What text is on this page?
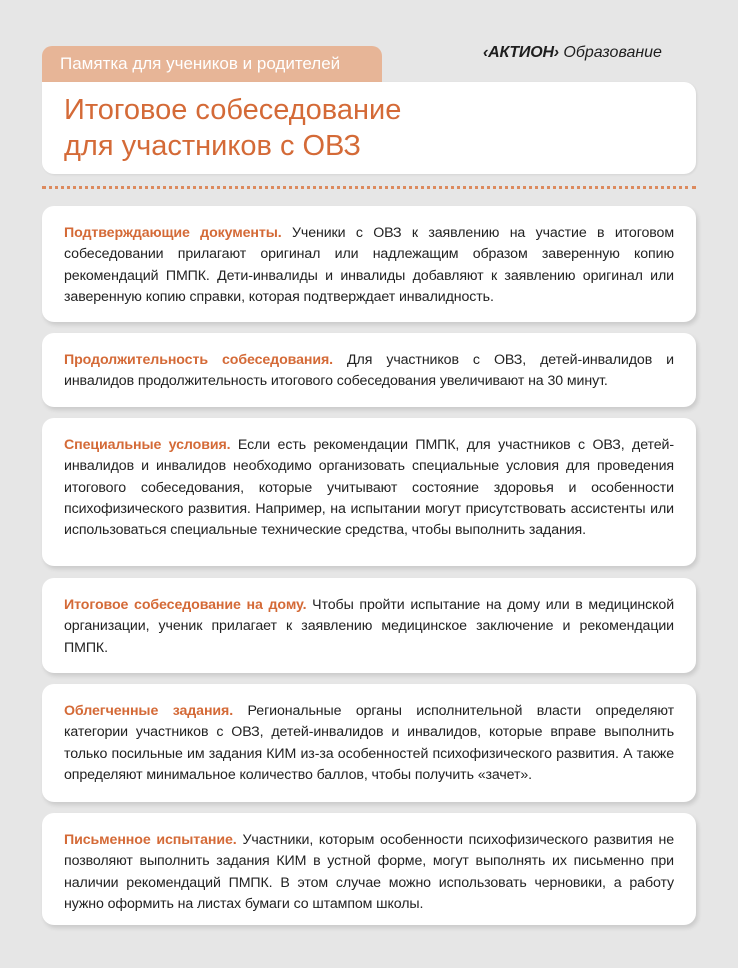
Памятка для учеников и родителей
‹АКТИОН› Образование
Итоговое собеседование
для участников с ОВЗ

Подтверждающие документы. Ученики с ОВЗ к заявлению на участие в итоговом собеседовании прилагают оригинал или надлежащим образом заверенную копию рекомендаций ПМПК. Дети-инвалиды и инвалиды добавляют к заявлению оригинал или заверенную копию справки, которая подтверждает инвалидность.

Продолжительность собеседования. Для участников с ОВЗ, детей-инвалидов и инвалидов продолжительность итогового собеседования увеличивают на 30 минут.

Специальные условия. Если есть рекомендации ПМПК, для участников с ОВЗ, детей-инвалидов и инвалидов необходимо организовать специальные условия для проведения итогового собеседования, которые учитывают состояние здоровья и особенности психофизического развития. Например, на испытании могут присутствовать ассистенты или использоваться специальные технические средства, чтобы выполнить задания.

Итоговое собеседование на дому. Чтобы пройти испытание на дому или в медицинской организации, ученик прилагает к заявлению медицинское заключение и рекомендации ПМПК.

Облегченные задания. Региональные органы исполнительной власти определяют категории участников с ОВЗ, детей-инвалидов и инвалидов, которые вправе выполнить только посильные им задания КИМ из-за особенностей психофизического развития. А также определяют минимальное количество баллов, чтобы получить «зачет».

Письменное испытание. Участники, которым особенности психофизического развития не позволяют выполнить задания КИМ в устной форме, могут выполнять их письменно при наличии рекомендаций ПМПК. В этом случае можно использовать черновики, а работу нужно оформить на листах бумаги со штампом школы.
